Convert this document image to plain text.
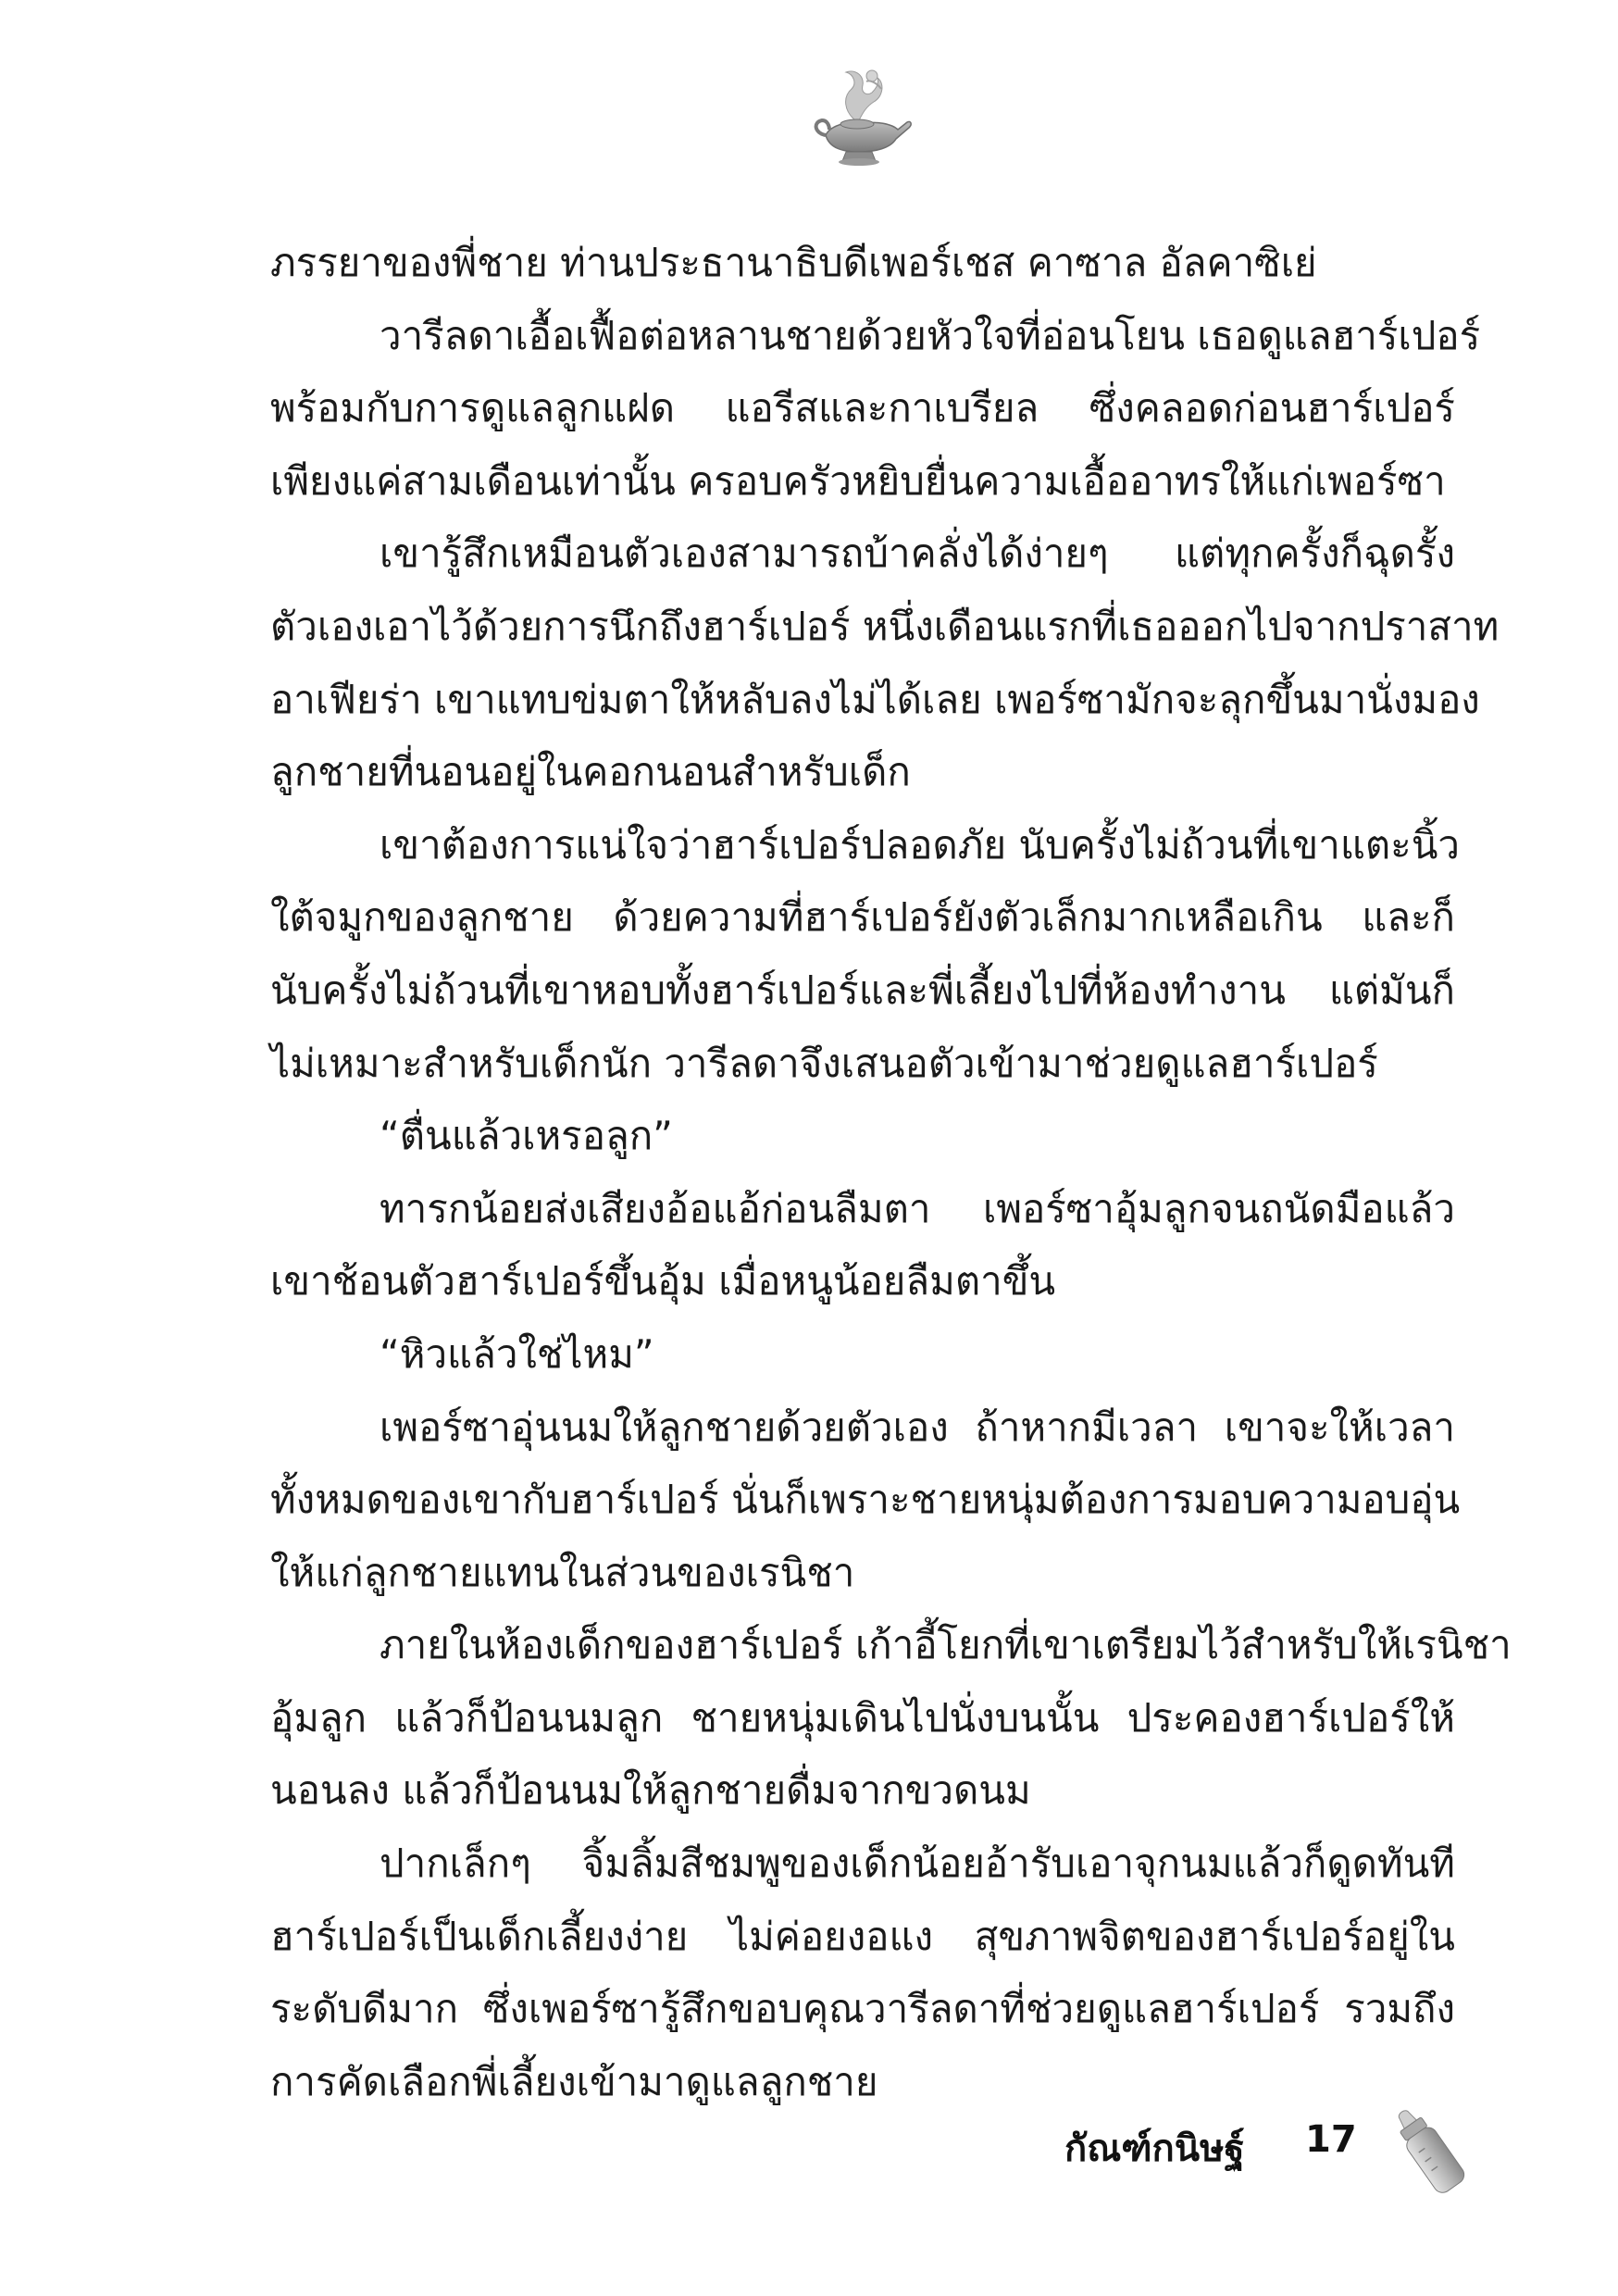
ภรรยาของพี่ชาย ท่านประธานาธิบดีเพอร์เชส คาซาล อัลคาซิเย่
วารีลดาเอื้อเฟื้อต่อหลานชายด้วยหัวใจที่อ่อนโยน เธอดูแลฮาร์เปอร์
พร้อมกับการดูแลลูกแฝด แอรีสและกาเบรียล ซึ่งคลอดก่อนฮาร์เปอร์
เพียงแค่สามเดือนเท่านั้น ครอบครัวหยิบยื่นความเอื้ออาทรให้แก่เพอร์ซา
เขารู้สึกเหมือนตัวเองสามารถบ้าคลั่งได้ง่ายๆ แต่ทุกครั้งก็ฉุดรั้ง
ตัวเองเอาไว้ด้วยการนึกถึงฮาร์เปอร์ หนึ่งเดือนแรกที่เธอออกไปจากปราสาท
อาเฟียร่า เขาแทบข่มตาให้หลับลงไม่ได้เลย เพอร์ซามักจะลุกขึ้นมานั่งมอง
ลูกชายที่นอนอยู่ในคอกนอนสำหรับเด็ก
เขาต้องการแน่ใจว่าฮาร์เปอร์ปลอดภัย นับครั้งไม่ถ้วนที่เขาแตะนิ้ว
ใต้จมูกของลูกชาย ด้วยความที่ฮาร์เปอร์ยังตัวเล็กมากเหลือเกิน และก็
นับครั้งไม่ถ้วนที่เขาหอบทั้งฮาร์เปอร์และพี่เลี้ยงไปที่ห้องทำงาน แต่มันก็
ไม่เหมาะสำหรับเด็กนัก วารีลดาจึงเสนอตัวเข้ามาช่วยดูแลฮาร์เปอร์
“ตื่นแล้วเหรอลูก”
ทารกน้อยส่งเสียงอ้อแอ้ก่อนลืมตา เพอร์ซาอุ้มลูกจนถนัดมือแล้ว
เขาช้อนตัวฮาร์เปอร์ขึ้นอุ้ม เมื่อหนูน้อยลืมตาขึ้น
“หิวแล้วใช่ไหม”
เพอร์ซาอุ่นนมให้ลูกชายด้วยตัวเอง ถ้าหากมีเวลา เขาจะให้เวลา
ทั้งหมดของเขากับฮาร์เปอร์ นั่นก็เพราะชายหนุ่มต้องการมอบความอบอุ่น
ให้แก่ลูกชายแทนในส่วนของเรนิชา
ภายในห้องเด็กของฮาร์เปอร์ เก้าอี้โยกที่เขาเตรียมไว้สำหรับให้เรนิชา
อุ้มลูก แล้วก็ป้อนนมลูก ชายหนุ่มเดินไปนั่งบนนั้น ประคองฮาร์เปอร์ให้
นอนลง แล้วก็ป้อนนมให้ลูกชายดื่มจากขวดนม
ปากเล็กๆ จิ้มลิ้มสีชมพูของเด็กน้อยอ้ารับเอาจุกนมแล้วก็ดูดทันที
ฮาร์เปอร์เป็นเด็กเลี้ยงง่าย ไม่ค่อยงอแง สุขภาพจิตของฮาร์เปอร์อยู่ใน
ระดับดีมาก ซึ่งเพอร์ซารู้สึกขอบคุณวารีลดาที่ช่วยดูแลฮาร์เปอร์ รวมถึง
การคัดเลือกพี่เลี้ยงเข้ามาดูแลลูกชาย
กัณฑ์กนิษฐ์ 17
